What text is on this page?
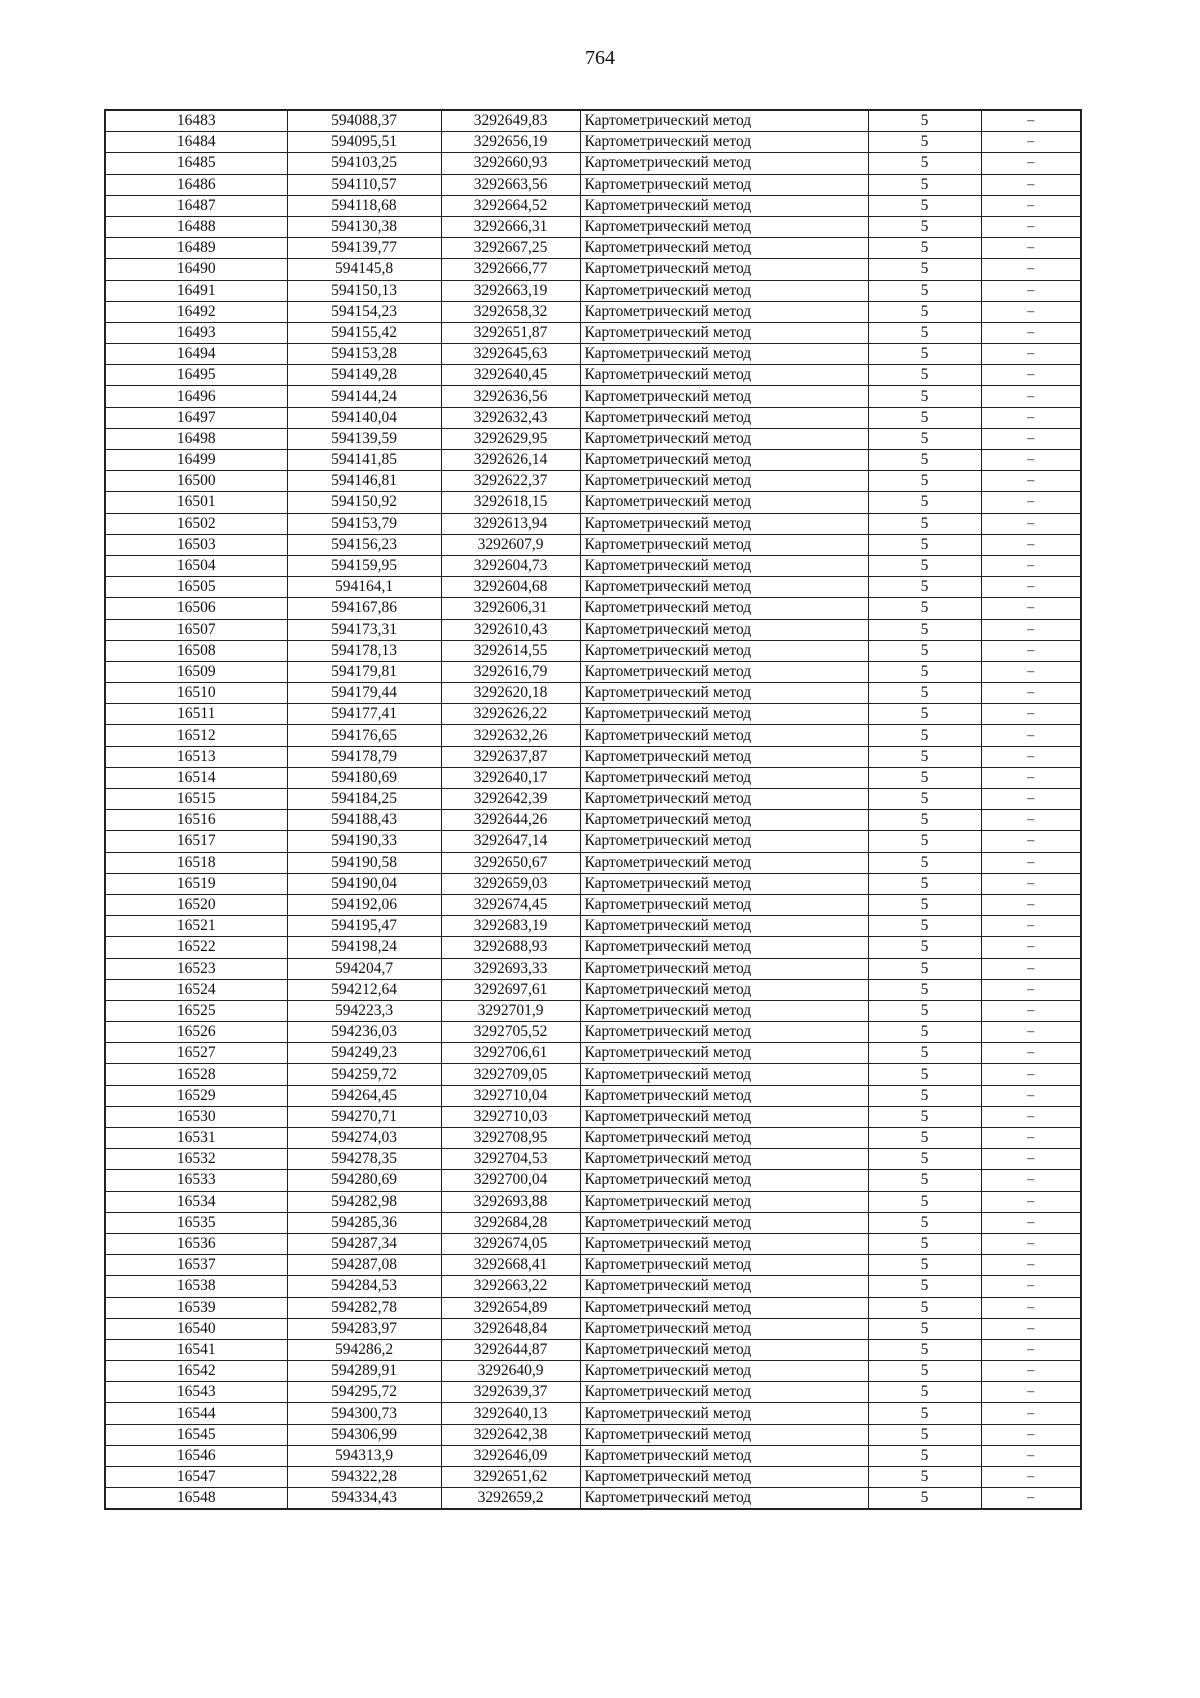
764
16483	594088,37	3292649,83	Картометрический метод	5	–
16484	594095,51	3292656,19	Картометрический метод	5	–
16485	594103,25	3292660,93	Картометрический метод	5	–
16486	594110,57	3292663,56	Картометрический метод	5	–
16487	594118,68	3292664,52	Картометрический метод	5	–
16488	594130,38	3292666,31	Картометрический метод	5	–
16489	594139,77	3292667,25	Картометрический метод	5	–
16490	594145,8	3292666,77	Картометрический метод	5	–
16491	594150,13	3292663,19	Картометрический метод	5	–
16492	594154,23	3292658,32	Картометрический метод	5	–
16493	594155,42	3292651,87	Картометрический метод	5	–
16494	594153,28	3292645,63	Картометрический метод	5	–
16495	594149,28	3292640,45	Картометрический метод	5	–
16496	594144,24	3292636,56	Картометрический метод	5	–
16497	594140,04	3292632,43	Картометрический метод	5	–
16498	594139,59	3292629,95	Картометрический метод	5	–
16499	594141,85	3292626,14	Картометрический метод	5	–
16500	594146,81	3292622,37	Картометрический метод	5	–
16501	594150,92	3292618,15	Картометрический метод	5	–
16502	594153,79	3292613,94	Картометрический метод	5	–
16503	594156,23	3292607,9	Картометрический метод	5	–
16504	594159,95	3292604,73	Картометрический метод	5	–
16505	594164,1	3292604,68	Картометрический метод	5	–
16506	594167,86	3292606,31	Картометрический метод	5	–
16507	594173,31	3292610,43	Картометрический метод	5	–
16508	594178,13	3292614,55	Картометрический метод	5	–
16509	594179,81	3292616,79	Картометрический метод	5	–
16510	594179,44	3292620,18	Картометрический метод	5	–
16511	594177,41	3292626,22	Картометрический метод	5	–
16512	594176,65	3292632,26	Картометрический метод	5	–
16513	594178,79	3292637,87	Картометрический метод	5	–
16514	594180,69	3292640,17	Картометрический метод	5	–
16515	594184,25	3292642,39	Картометрический метод	5	–
16516	594188,43	3292644,26	Картометрический метод	5	–
16517	594190,33	3292647,14	Картометрический метод	5	–
16518	594190,58	3292650,67	Картометрический метод	5	–
16519	594190,04	3292659,03	Картометрический метод	5	–
16520	594192,06	3292674,45	Картометрический метод	5	–
16521	594195,47	3292683,19	Картометрический метод	5	–
16522	594198,24	3292688,93	Картометрический метод	5	–
16523	594204,7	3292693,33	Картометрический метод	5	–
16524	594212,64	3292697,61	Картометрический метод	5	–
16525	594223,3	3292701,9	Картометрический метод	5	–
16526	594236,03	3292705,52	Картометрический метод	5	–
16527	594249,23	3292706,61	Картометрический метод	5	–
16528	594259,72	3292709,05	Картометрический метод	5	–
16529	594264,45	3292710,04	Картометрический метод	5	–
16530	594270,71	3292710,03	Картометрический метод	5	–
16531	594274,03	3292708,95	Картометрический метод	5	–
16532	594278,35	3292704,53	Картометрический метод	5	–
16533	594280,69	3292700,04	Картометрический метод	5	–
16534	594282,98	3292693,88	Картометрический метод	5	–
16535	594285,36	3292684,28	Картометрический метод	5	–
16536	594287,34	3292674,05	Картометрический метод	5	–
16537	594287,08	3292668,41	Картометрический метод	5	–
16538	594284,53	3292663,22	Картометрический метод	5	–
16539	594282,78	3292654,89	Картометрический метод	5	–
16540	594283,97	3292648,84	Картометрический метод	5	–
16541	594286,2	3292644,87	Картометрический метод	5	–
16542	594289,91	3292640,9	Картометрический метод	5	–
16543	594295,72	3292639,37	Картометрический метод	5	–
16544	594300,73	3292640,13	Картометрический метод	5	–
16545	594306,99	3292642,38	Картометрический метод	5	–
16546	594313,9	3292646,09	Картометрический метод	5	–
16547	594322,28	3292651,62	Картометрический метод	5	–
16548	594334,43	3292659,2	Картометрический метод	5	–
